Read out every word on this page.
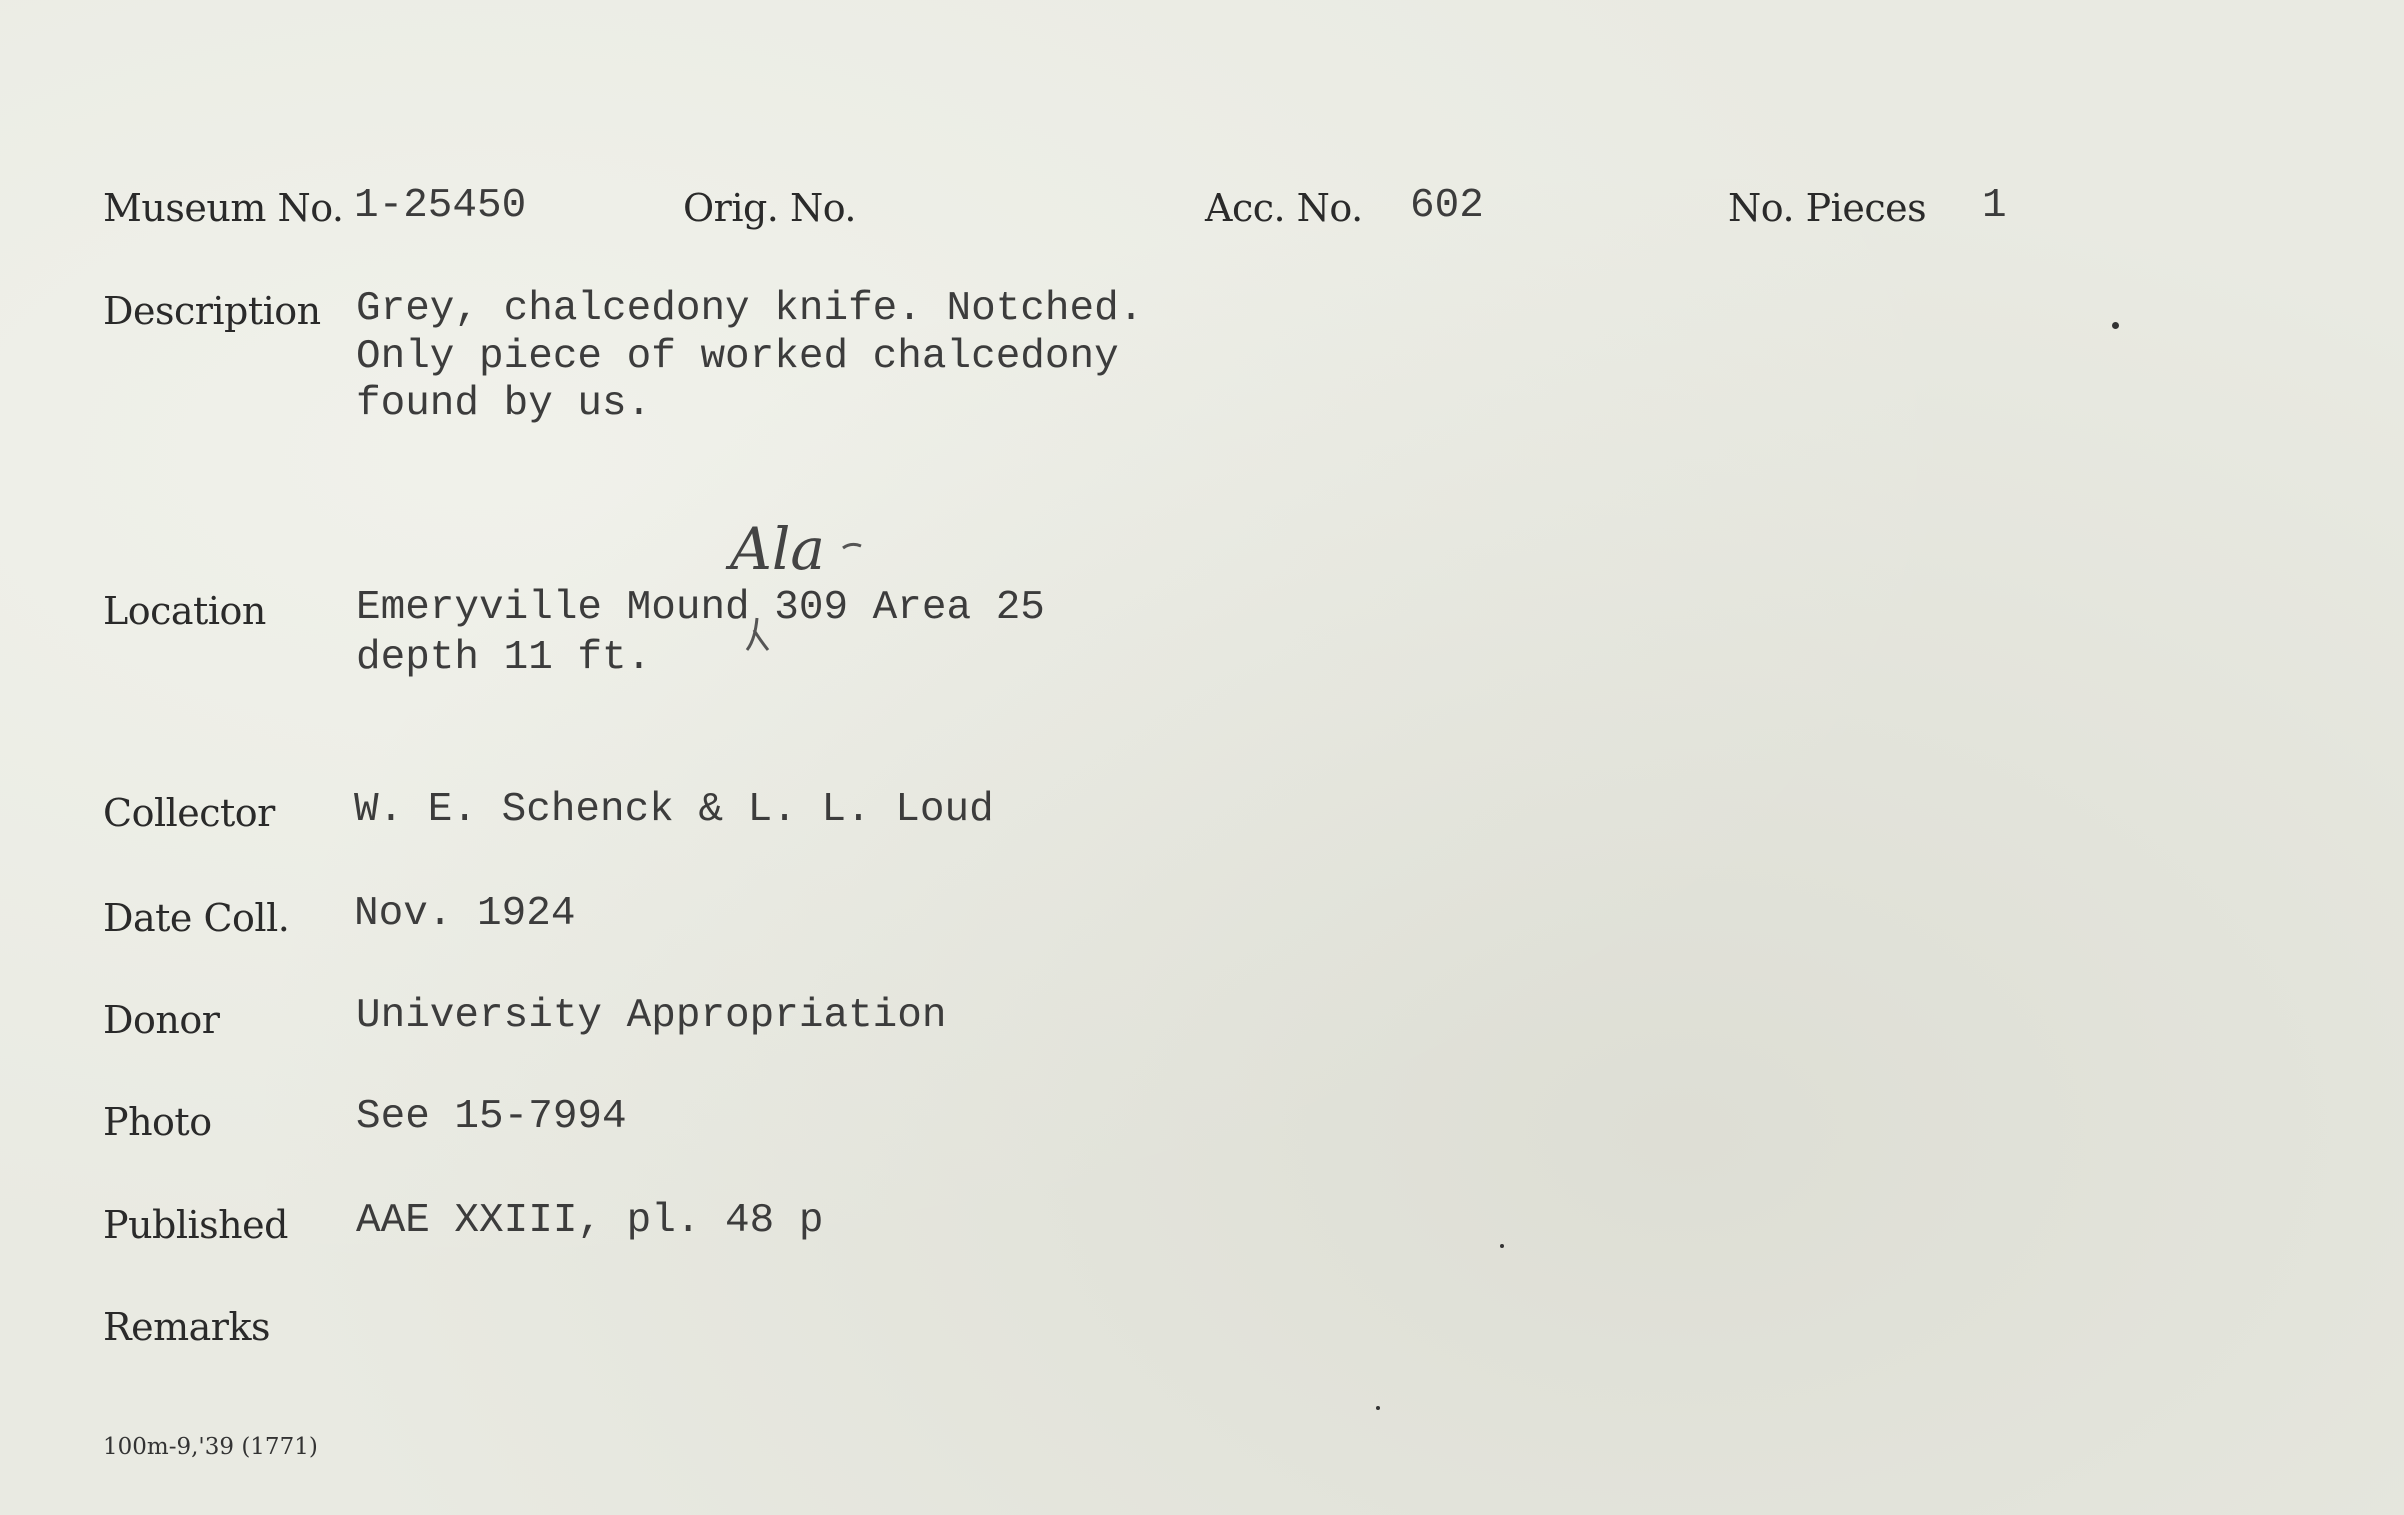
Museum No. 1-25450	Orig. No.	Acc. No. 602	No. Pieces 1
Description Grey, chalcedony knife. Notched.
Only piece of worked chalcedony
found by us.
Location Emeryville Mound 309 Area 25
depth 11 ft.
Ala
Collector W. E. Schenck & L. L. Loud
Date Coll. Nov. 1924
Donor	University Appropriation
Photo	See 15-7994
Published AAE XXIII, pl. 48 p
Remarks
100m-9,'39 (1771)
